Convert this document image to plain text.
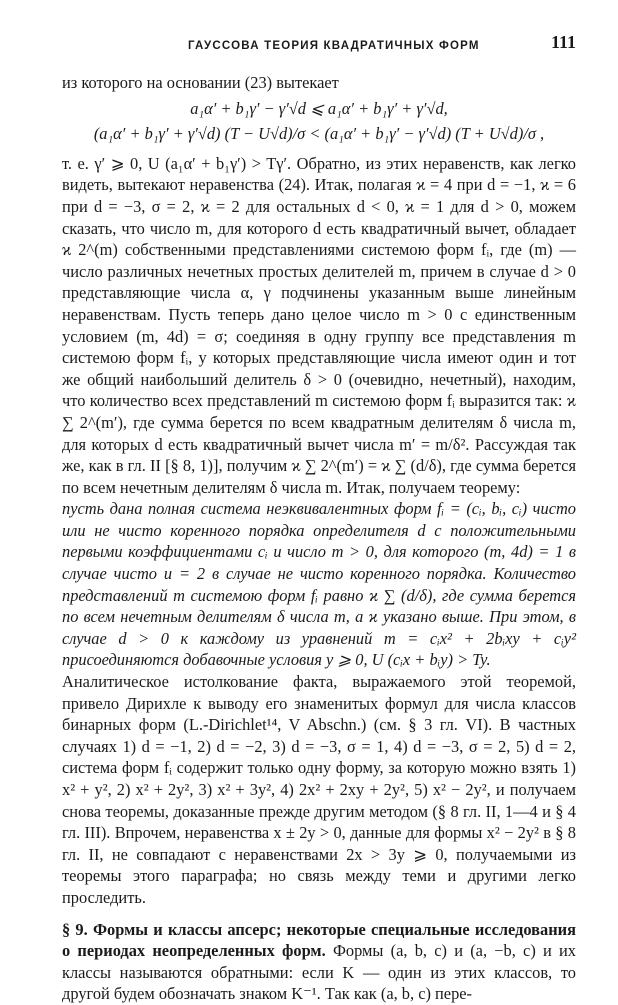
ГАУССОВА ТЕОРИЯ КВАДРАТИЧНЫХ ФОРМ	111

из которого на основании (23) вытекает

a₁α′ + b₁γ′ − γ′√d ⩽ a₁α′ + b₁γ′ + γ′√d,
(a₁α′ + b₁γ′ + γ′√d) (T − U√d)/σ < (a₁α′ + b₁γ′ − γ′√d) (T + U√d)/σ ,

т. е. γ′ ⩾ 0, U (a₁α′ + b₁γ′) > Tγ′. Обратно, из этих неравенств, как легко видеть, вытекают неравенства (24). Итак, полагая ϰ = 4 при d = −1, ϰ = 6 при d = −3, σ = 2, ϰ = 2 для остальных d < 0, ϰ = 1 для d > 0, можем сказать, что число m, для которого d есть квадратичный вычет, обладает ϰ 2^(m) собственными представлениями системою форм fᵢ, где (m) — число различных нечетных простых делителей m, причем в случае d > 0 представляющие числа α, γ подчинены указанным выше линейным неравенствам. Пусть теперь дано целое число m > 0 с единственным условием (m, 4d) = σ; соединяя в одну группу все представления m системою форм fᵢ, у которых представляющие числа имеют один и тот же общий наибольший делитель δ > 0 (очевидно, нечетный), находим, что количество всех представлений m системою форм fᵢ выразится так: ϰ ∑ 2^(m′), где сумма берется по всем квадратным делителям δ числа m, для которых d есть квадратичный вычет числа m′ = m/δ². Рассуждая так же, как в гл. II [§ 8, 1)], получим ϰ ∑ 2^(m′) = ϰ ∑ (d/δ), где сумма берется по всем нечетным делителям δ числа m. Итак, получаем теорему:

пусть дана полная система неэквивалентных форм fᵢ = (cᵢ, bᵢ, cᵢ) чисто или не чисто коренного порядка определителя d с положительными первыми коэффициентами cᵢ и число m > 0, для которого (m, 4d) = 1 в случае чисто и = 2 в случае не чисто коренного порядка. Количество представлений m системою форм fᵢ равно ϰ ∑ (d/δ), где сумма берется по всем нечетным делителям δ числа m, а ϰ указано выше. При этом, в случае d > 0 к каждому из уравнений m = cᵢx² + 2bᵢxy + cᵢy² присоединяются добавочные условия y ⩾ 0, U (cᵢx + bᵢy) > Ty.

Аналитическое истолкование факта, выражаемого этой теоремой, привело Дирихле к выводу его знаменитых формул для числа классов бинарных форм (L.-Dirichlet¹⁴, V Abschn.) (см. § 3 гл. VI). В частных случаях 1) d = −1, 2) d = −2, 3) d = −3, σ = 1, 4) d = −3, σ = 2, 5) d = 2, система форм fᵢ содержит только одну форму, за которую можно взять 1) x² + y², 2) x² + 2y², 3) x² + 3y², 4) 2x² + 2xy + 2y², 5) x² − 2y², и получаем снова теоремы, доказанные прежде другим методом (§ 8 гл. II, 1—4 и § 4 гл. III). Впрочем, неравенства x ± 2y > 0, данные для формы x² − 2y² в § 8 гл. II, не совпадают с неравенствами 2x > 3y ⩾ 0, получаемыми из теоремы этого параграфа; но связь между теми и другими легко проследить.

§ 9. Формы и классы апсерс; некоторые специальные исследования о периодах неопределенных форм. Формы (a, b, c) и (a, −b, c) и их классы называются обратными: если K — один из этих классов, то другой будем обозначать знаком K⁻¹. Так как (a, b, c) пере-
